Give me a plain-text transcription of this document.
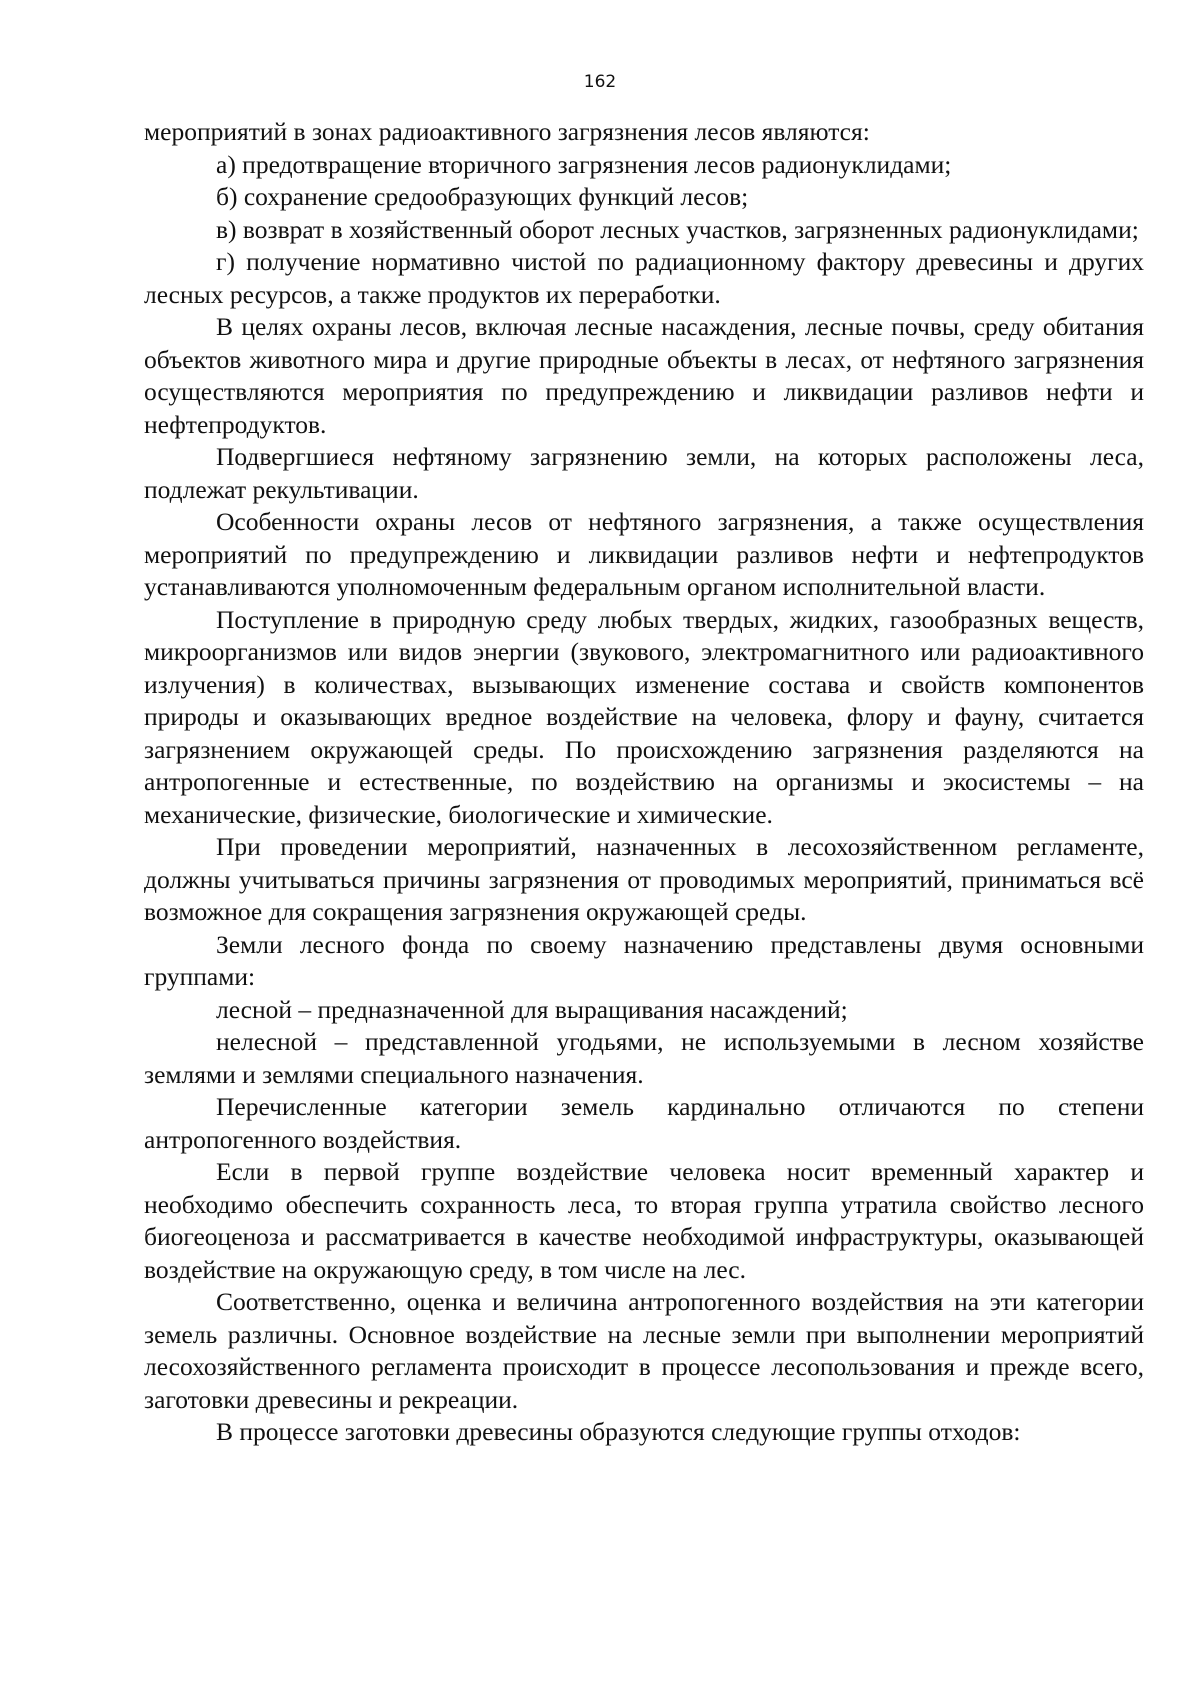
162

мероприятий в зонах радиоактивного загрязнения лесов являются:

а) предотвращение вторичного загрязнения лесов радионуклидами;

б) сохранение средообразующих функций лесов;

в) возврат в хозяйственный оборот лесных участков, загрязненных радионуклидами;

г) получение нормативно чистой по радиационному фактору древесины и других лесных ресурсов, а также продуктов их переработки.

В целях охраны лесов, включая лесные насаждения, лесные почвы, среду обитания объектов животного мира и другие природные объекты в лесах, от нефтяного загрязнения осуществляются мероприятия по предупреждению и ликвидации разливов нефти и нефтепродуктов.

Подвергшиеся нефтяному загрязнению земли, на которых расположены леса, подлежат рекультивации.

Особенности охраны лесов от нефтяного загрязнения, а также осуществления мероприятий по предупреждению и ликвидации разливов нефти и нефтепродуктов устанавливаются уполномоченным федеральным органом исполнительной власти.

Поступление в природную среду любых твердых, жидких, газообразных веществ, микроорганизмов или видов энергии (звукового, электромагнитного или радиоактивного излучения) в количествах, вызывающих изменение состава и свойств компонентов природы и оказывающих вредное воздействие на человека, флору и фауну, считается загрязнением окружающей среды. По происхождению загрязнения разделяются на антропогенные и естественные, по воздействию на организмы и экосистемы – на механические, физические, биологические и химические.

При проведении мероприятий, назначенных в лесохозяйственном регламенте, должны учитываться причины загрязнения от проводимых мероприятий, приниматься всё возможное для сокращения загрязнения окружающей среды.

Земли лесного фонда по своему назначению представлены двумя основными группами:

лесной – предназначенной для выращивания насаждений;

нелесной – представленной угодьями, не используемыми в лесном хозяйстве землями и землями специального назначения.

Перечисленные категории земель кардинально отличаются по степени антропогенного воздействия.

Если в первой группе воздействие человека носит временный характер и необходимо обеспечить сохранность леса, то вторая группа утратила свойство лесного биогеоценоза и рассматривается в качестве необходимой инфраструктуры, оказывающей воздействие на окружающую среду, в том числе на лес.

Соответственно, оценка и величина антропогенного воздействия на эти категории земель различны. Основное воздействие на лесные земли при выполнении мероприятий лесохозяйственного регламента происходит в процессе лесопользования и прежде всего, заготовки древесины и рекреации.

В процессе заготовки древесины образуются следующие группы отходов:
